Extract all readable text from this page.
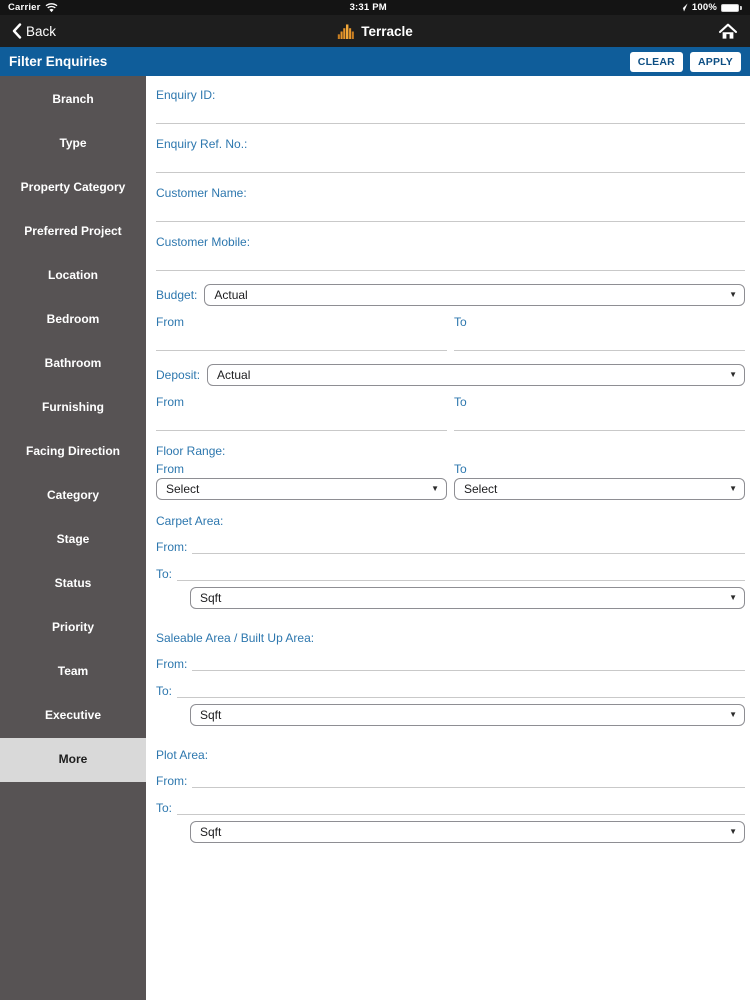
Carrier	3:31 PM	100%
Back	Terracle
Filter Enquiries	CLEAR	APPLY
Branch
Type
Property Category
Preferred Project
Location
Bedroom
Bathroom
Furnishing
Facing Direction
Category
Stage
Status
Priority
Team
Executive
More
Enquiry ID:
Enquiry Ref. No.:
Customer Name:
Customer Mobile:
Budget: Actual	▼
From	To
Deposit: Actual	▼
From	To
Floor Range:
From
Select	▼
To
Select	▼
Carpet Area:
From:
To:
Sqft	▼
Saleable Area / Built Up Area:
From:
To:
Sqft	▼
Plot Area:
From:
To:
Sqft	▼
